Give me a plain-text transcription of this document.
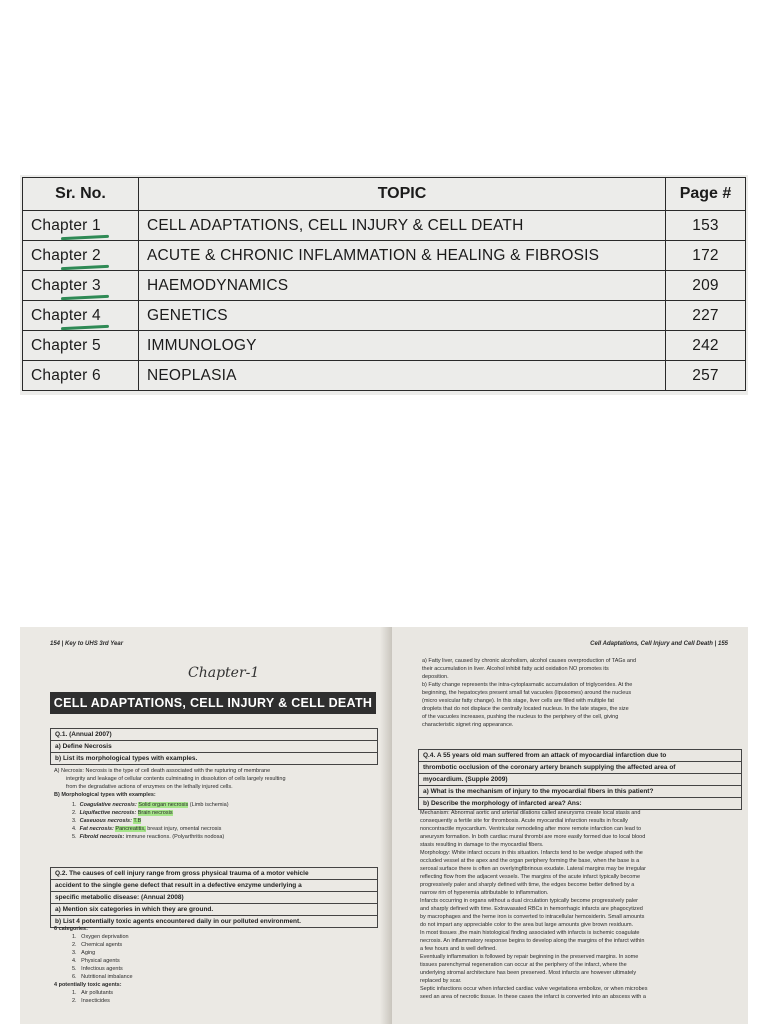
Sr. No.	TOPIC	Page #
Chapter 1	CELL ADAPTATIONS, CELL INJURY & CELL DEATH	153
Chapter 2	ACUTE & CHRONIC INFLAMMATION & HEALING & FIBROSIS	172
Chapter 3	HAEMODYNAMICS	209
Chapter 4	GENETICS	227
Chapter 5	IMMUNOLOGY	242
Chapter 6	NEOPLASIA	257
154 | Key to UHS 3rd Year
Chapter-1
CELL ADAPTATIONS, CELL INJURY & CELL DEATH
Q.1. (Annual 2007)
a) Define Necrosis
b) List its morphological types with examples.
A) Necrosis: Necrosis is the type of cell death associated with the rupturing of membrane
integrity and leakage of cellular contents culminating in dissolution of cells largely resulting
from the degradative actions of enzymes on the lethally injured cells.
B) Morphological types with examples:
1. Coagulative necrosis: Solid organ necrosis (Limb ischemia)
2. Liquifactive necrosis: Brain necrosis
3. Caseuous necrosis: T.B
4. Fat necrosis: Pancreatitis, breast injury, omental necrosis
5. Fibroid necrosis: immune reactions. (Polyarthritis nodosa)
Q.2. The causes of cell injury range from gross physical trauma of a motor vehicle
accident to the single gene defect that result in a defective enzyme underlying a
specific metabolic disease: (Annual 2008)
a) Mention six categories in which they are ground.
b) List 4 potentially toxic agents encountered daily in our polluted environment.
6 categories:
1.   Oxygen deprivation
2.   Chemical agents
3.   Aging
4.   Physical agents
5.   Infectious agents
6.   Nutritional imbalance
4 potentially toxic agents:
1.   Air pollutants
2.   Insecticides
Cell Adaptations, Cell Injury and Cell Death | 155
a) Fatty liver, caused by chronic alcoholism, alcohol causes overproduction of TAGs and
their accumulation in liver. Alcohol inhibit fatty acid oxidation NO promotes its
deposition.
b) Fatty change represents the intra-cytoplasmatic accumulation of triglycerides. At the
beginning, the hepatocytes present small fat vacuoles (liposomes) around the nucleus
(micro vesicular fatty change). In this stage, liver cells are filled with multiple fat
droplets that do not displace the centrally located nucleus. In the late stages, the size
of the vacuoles increases, pushing the nucleus to the periphery of the cell, giving
characteristic signet ring appearance.
Q.4. A 55 years old man suffered from an attack of myocardial infarction due to
thrombotic occlusion of the coronary artery branch supplying the affected area of
myocardium. (Supple 2009)
a) What is the mechanism of injury to the myocardial fibers in this patient?
b) Describe the morphology of infarcted area? Ans:
Mechanism: Abnormal aortic and arterial dilations called aneurysms create local stasis and
consequently a fertile site for thrombosis. Acute myocardial infarction results in focally
noncontractile myocardium. Ventricular remodeling after more remote infarction can lead to
aneurysm formation. In both cardiac mural thrombi are more easily formed due to local blood
stasis resulting in damage to the myocardial fibers.
Morphology: White infarct occurs in this situation. Infarcts tend to be wedge shaped with the
occluded vessel at the apex and the organ periphery forming the base, when the base is a
serosal surface there is often an overlyingfibrinous exudate. Lateral margins may be irregular
reflecting flow from the adjacent vessels. The margins of the acute infarct typically become
progressively paler and sharply defined with time, the edges become better defined by a
narrow rim of hyperemia attributable to inflammation.
Infarcts occurring in organs without a dual circulation typically become progressively paler
and sharply defined with time. Extravasated RBCs in hemorrhagic infarcts are phagocytized
by macrophages and the heme iron is converted to intracellular hemosiderin. Small amounts
do not impart any appreciable color to the area but large amounts give brown residuum.
In most tissues ,the main histological finding associated with infarcts is ischemic coagulate
necrosis. An inflammatory response begins to develop along the margins of the infarct within
a few hours and is well defined.
Eventually inflammation is followed by repair beginning in the preserved margins. In some
tissues parenchymal regeneration can occur at the periphery of the infarct, where the
underlying stromal architecture has been preserved. Most infarcts are however ultimately
replaced by scar.
Septic infarctions occur when infarcted cardiac valve vegetations embolize, or when microbes
seed an area of necrotic tissue. In these cases the infarct is converted into an abscess with a
